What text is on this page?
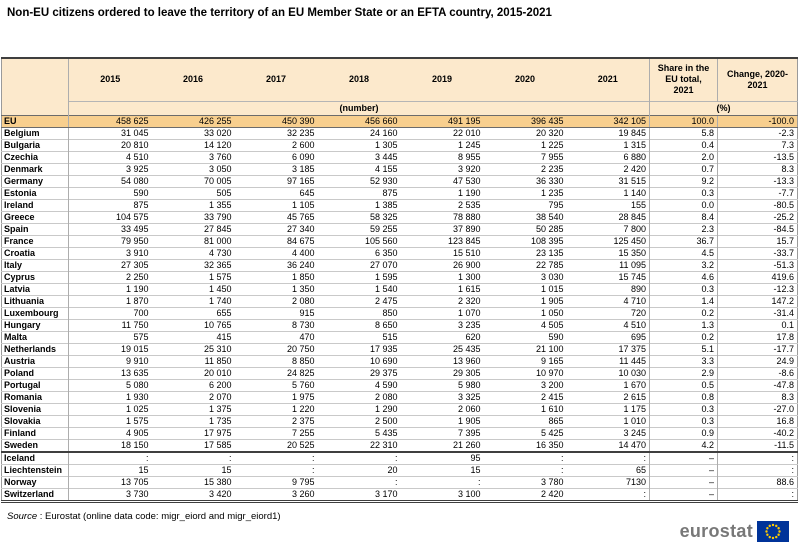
Non-EU citizens ordered to leave the territory of an EU Member State or an EFTA country, 2015-2021
	2015	2016	2017	2018	2019	2020	2021	Share in the EU total, 2021	Change, 2020-2021
	(number)							(%)	
EU	458 625	426 255	450 390	456 660	491 195	396 435	342 105	100.0	-100.0
Belgium	31 045	33 020	32 235	24 160	22 010	20 320	19 845	5.8	-2.3
Bulgaria	20 810	14 120	2 600	1 305	1 245	1 225	1 315	0.4	7.3
Czechia	4 510	3 760	6 090	3 445	8 955	7 955	6 880	2.0	-13.5
Denmark	3 925	3 050	3 185	4 155	3 920	2 235	2 420	0.7	8.3
Germany	54 080	70 005	97 165	52 930	47 530	36 330	31 515	9.2	-13.3
Estonia	590	505	645	875	1 190	1 235	1 140	0.3	-7.7
Ireland	875	1 355	1 105	1 385	2 535	795	155	0.0	-80.5
Greece	104 575	33 790	45 765	58 325	78 880	38 540	28 845	8.4	-25.2
Spain	33 495	27 845	27 340	59 255	37 890	50 285	7 800	2.3	-84.5
France	79 950	81 000	84 675	105 560	123 845	108 395	125 450	36.7	15.7
Croatia	3 910	4 730	4 400	6 350	15 510	23 135	15 350	4.5	-33.7
Italy	27 305	32 365	36 240	27 070	26 900	22 785	11 095	3.2	-51.3
Cyprus	2 250	1 575	1 850	1 595	1 300	3 030	15 745	4.6	419.6
Latvia	1 190	1 450	1 350	1 540	1 615	1 015	890	0.3	-12.3
Lithuania	1 870	1 740	2 080	2 475	2 320	1 905	4 710	1.4	147.2
Luxembourg	700	655	915	850	1 070	1 050	720	0.2	-31.4
Hungary	11 750	10 765	8 730	8 650	3 235	4 505	4 510	1.3	0.1
Malta	575	415	470	515	620	590	695	0.2	17.8
Netherlands	19 015	25 310	20 750	17 935	25 435	21 100	17 375	5.1	-17.7
Austria	9 910	11 850	8 850	10 690	13 960	9 165	11 445	3.3	24.9
Poland	13 635	20 010	24 825	29 375	29 305	10 970	10 030	2.9	-8.6
Portugal	5 080	6 200	5 760	4 590	5 980	3 200	1 670	0.5	-47.8
Romania	1 930	2 070	1 975	2 080	3 325	2 415	2 615	0.8	8.3
Slovenia	1 025	1 375	1 220	1 290	2 060	1 610	1 175	0.3	-27.0
Slovakia	1 575	1 735	2 375	2 500	1 905	865	1 010	0.3	16.8
Finland	4 905	17 975	7 255	5 435	7 395	5 425	3 245	0.9	-40.2
Sweden	18 150	17 585	20 525	22 310	21 260	16 350	14 470	4.2	-11.5
Iceland	:	:	:	:	95	:	:	–	:
Liechtenstein	15	15	:	20	15	:	65	–	:
Norway	13 705	15 380	9 795	:	:	3 780	7130	–	88.6
Switzerland	3 730	3 420	3 260	3 170	3 100	2 420	:	–	:
Source : Eurostat (online data code: migr_eiord and migr_eiord1)
eurostat
